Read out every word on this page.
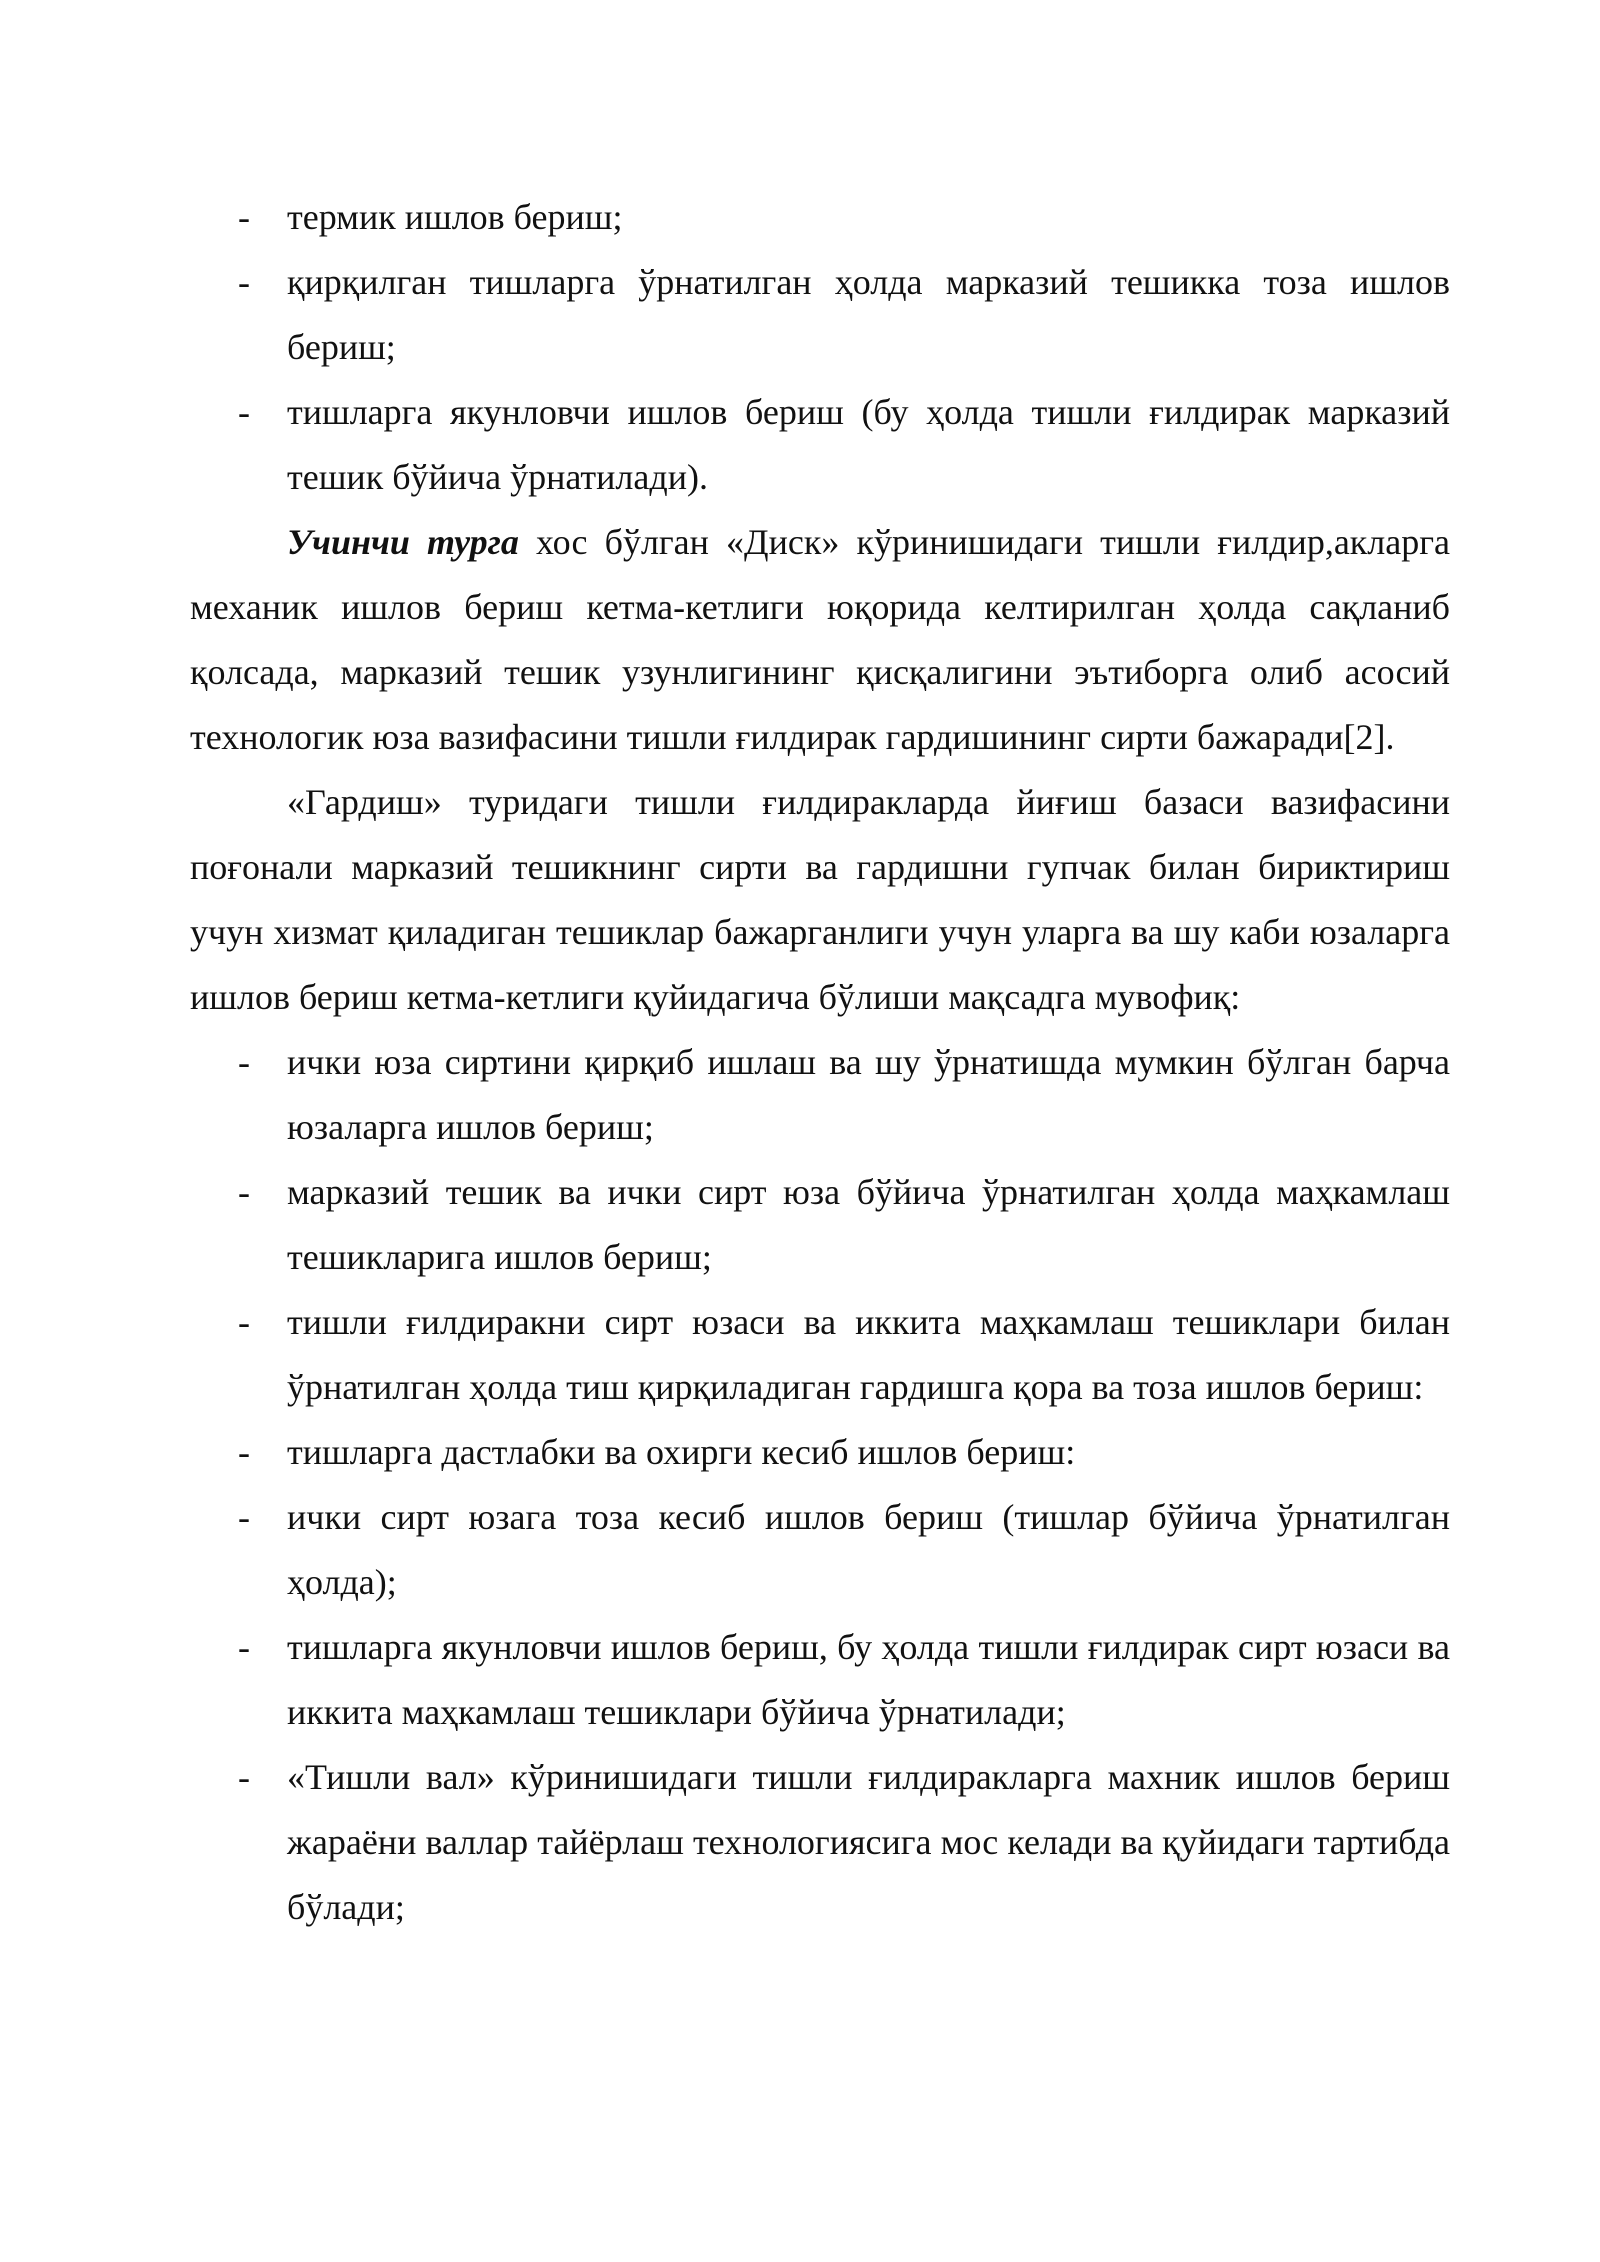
- термик ишлов бериш;
- қирқилган тишларга ўрнатилган ҳолда марказий тешикка тоза ишлов бериш;
- тишларга якунловчи ишлов бериш (бу ҳолда тишли ғилдирак марказий тешик бўйича ўрнатилади).

Учинчи турга хос бўлган «Диск» кўринишидаги тишли ғилдир,акларга механик ишлов бериш кетма-кетлиги юқорида келтирилган ҳолда сақланиб қолсада, марказий тешик узунлигининг қисқалигини эътиборга олиб асосий технологик юза вазифасини тишли ғилдирак гардишининг сирти бажаради[2].

«Гардиш» туридаги тишли ғилдиракларда йиғиш базаси вазифасини поғонали марказий тешикнинг сирти ва гардишни гупчак билан бириктириш учун хизмат қиладиган тешиклар бажарганлиги учун уларга ва шу каби юзаларга ишлов бериш кетма-кетлиги қуйидагича бўлиши мақсадга мувофиқ:

- ички юза сиртини қирқиб ишлаш ва шу ўрнатишда мумкин бўлган барча юзаларга ишлов бериш;
- марказий тешик ва ички сирт юза бўйича ўрнатилган ҳолда маҳкамлаш тешикларига ишлов бериш;
- тишли ғилдиракни сирт юзаси ва иккита маҳкамлаш тешиклари билан ўрнатилган ҳолда тиш қирқиладиган гардишга қора ва тоза ишлов бериш:
- тишларга дастлабки ва охирги кесиб ишлов бериш:
- ички сирт юзага тоза кесиб ишлов бериш (тишлар бўйича ўрнатилган ҳолда);
- тишларга якунловчи ишлов бериш, бу ҳолда тишли ғилдирак сирт юзаси ва иккита маҳкамлаш тешиклари бўйича ўрнатилади;
- «Тишли вал» кўринишидаги тишли ғилдиракларга махник ишлов бериш жараёни валлар тайёрлаш технологиясига мос келади ва қуйидаги тартибда бўлади;
